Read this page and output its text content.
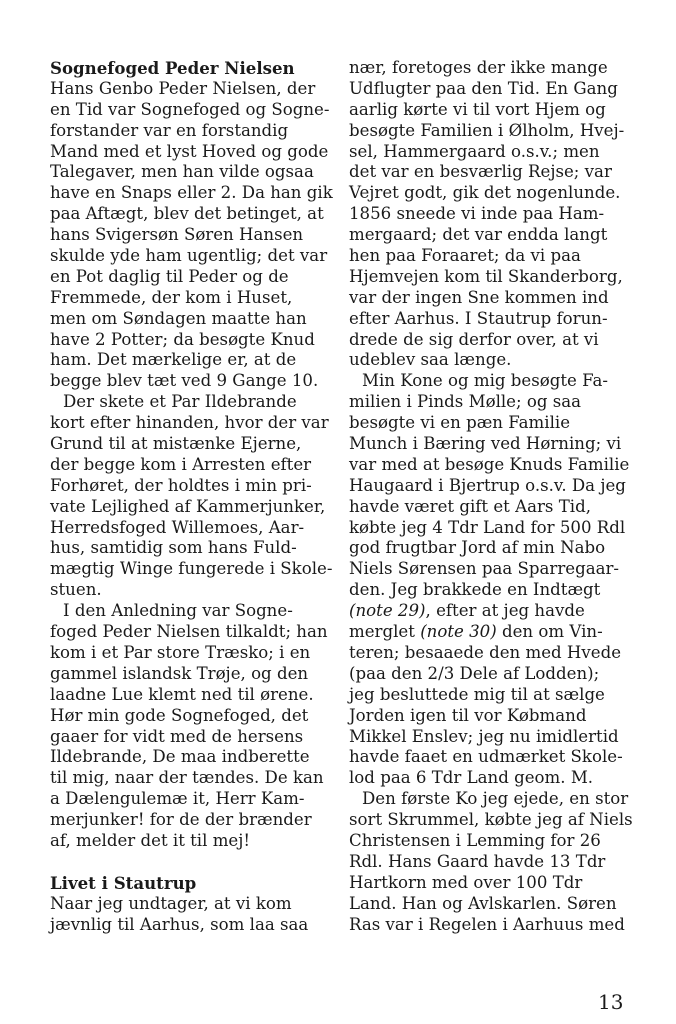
Sognefoged Peder Nielsen
Hans Genbo Peder Nielsen, der
en Tid var Sognefoged og Sogne-
forstander var en forstandig
Mand med et lyst Hoved og gode
Talegaver, men han vilde ogsaa
have en Snaps eller 2. Da han gik
paa Aftægt, blev det betinget, at
hans Svigersøn Søren Hansen
skulde yde ham ugentlig; det var
en Pot daglig til Peder og de
Fremmede, der kom i Huset,
men om Søndagen maatte han
have 2 Potter; da besøgte Knud
ham. Det mærkelige er, at de
begge blev tæt ved 9 Gange 10.
Der skete et Par Ildebrande
kort efter hinanden, hvor der var
Grund til at mistænke Ejerne,
der begge kom i Arresten efter
Forhøret, der holdtes i min pri-
vate Lejlighed af Kammerjunker,
Herredsfoged Willemoes, Aar-
hus, samtidig som hans Fuld-
mægtig Winge fungerede i Skole-
stuen.
I den Anledning var Sogne-
foged Peder Nielsen tilkaldt; han
kom i et Par store Træsko; i en
gammel islandsk Trøje, og den
laadne Lue klemt ned til ørene.
Hør min gode Sognefoged, det
gaaer for vidt med de hersens
Ildebrande, De maa indberette
til mig, naar der tændes. De kan
a Dælengulemæ it, Herr Kam-
merjunker! for de der brænder
af, melder det it til mej!
Livet i Stautrup
Naar jeg undtager, at vi kom
jævnlig til Aarhus, som laa saa
nær, foretoges der ikke mange
Udflugter paa den Tid. En Gang
aarlig kørte vi til vort Hjem og
besøgte Familien i Ølholm, Hvej-
sel, Hammergaard o.s.v.; men
det var en besværlig Rejse; var
Vejret godt, gik det nogenlunde.
1856 sneede vi inde paa Ham-
mergaard; det var endda langt
hen paa Foraaret; da vi paa
Hjemvejen kom til Skanderborg,
var der ingen Sne kommen ind
efter Aarhus. I Stautrup forun-
drede de sig derfor over, at vi
udeblev saa længe.
Min Kone og mig besøgte Fa-
milien i Pinds Mølle; og saa
besøgte vi en pæn Familie
Munch i Bæring ved Hørning; vi
var med at besøge Knuds Familie
Haugaard i Bjertrup o.s.v. Da jeg
havde været gift et Aars Tid,
købte jeg 4 Tdr Land for 500 Rdl
god frugtbar Jord af min Nabo
Niels Sørensen paa Sparregaar-
den. Jeg brakkede en Indtægt
(note 29), efter at jeg havde
merglet (note 30) den om Vin-
teren; besaaede den med Hvede
(paa den 2/3 Dele af Lodden);
jeg besluttede mig til at sælge
Jorden igen til vor Købmand
Mikkel Enslev; jeg nu imidlertid
havde faaet en udmærket Skole-
lod paa 6 Tdr Land geom. M.
Den første Ko jeg ejede, en stor
sort Skrummel, købte jeg af Niels
Christensen i Lemming for 26
Rdl. Hans Gaard havde 13 Tdr
Hartkorn med over 100 Tdr
Land. Han og Avlskarlen. Søren
Ras var i Regelen i Aarhuus med
13
